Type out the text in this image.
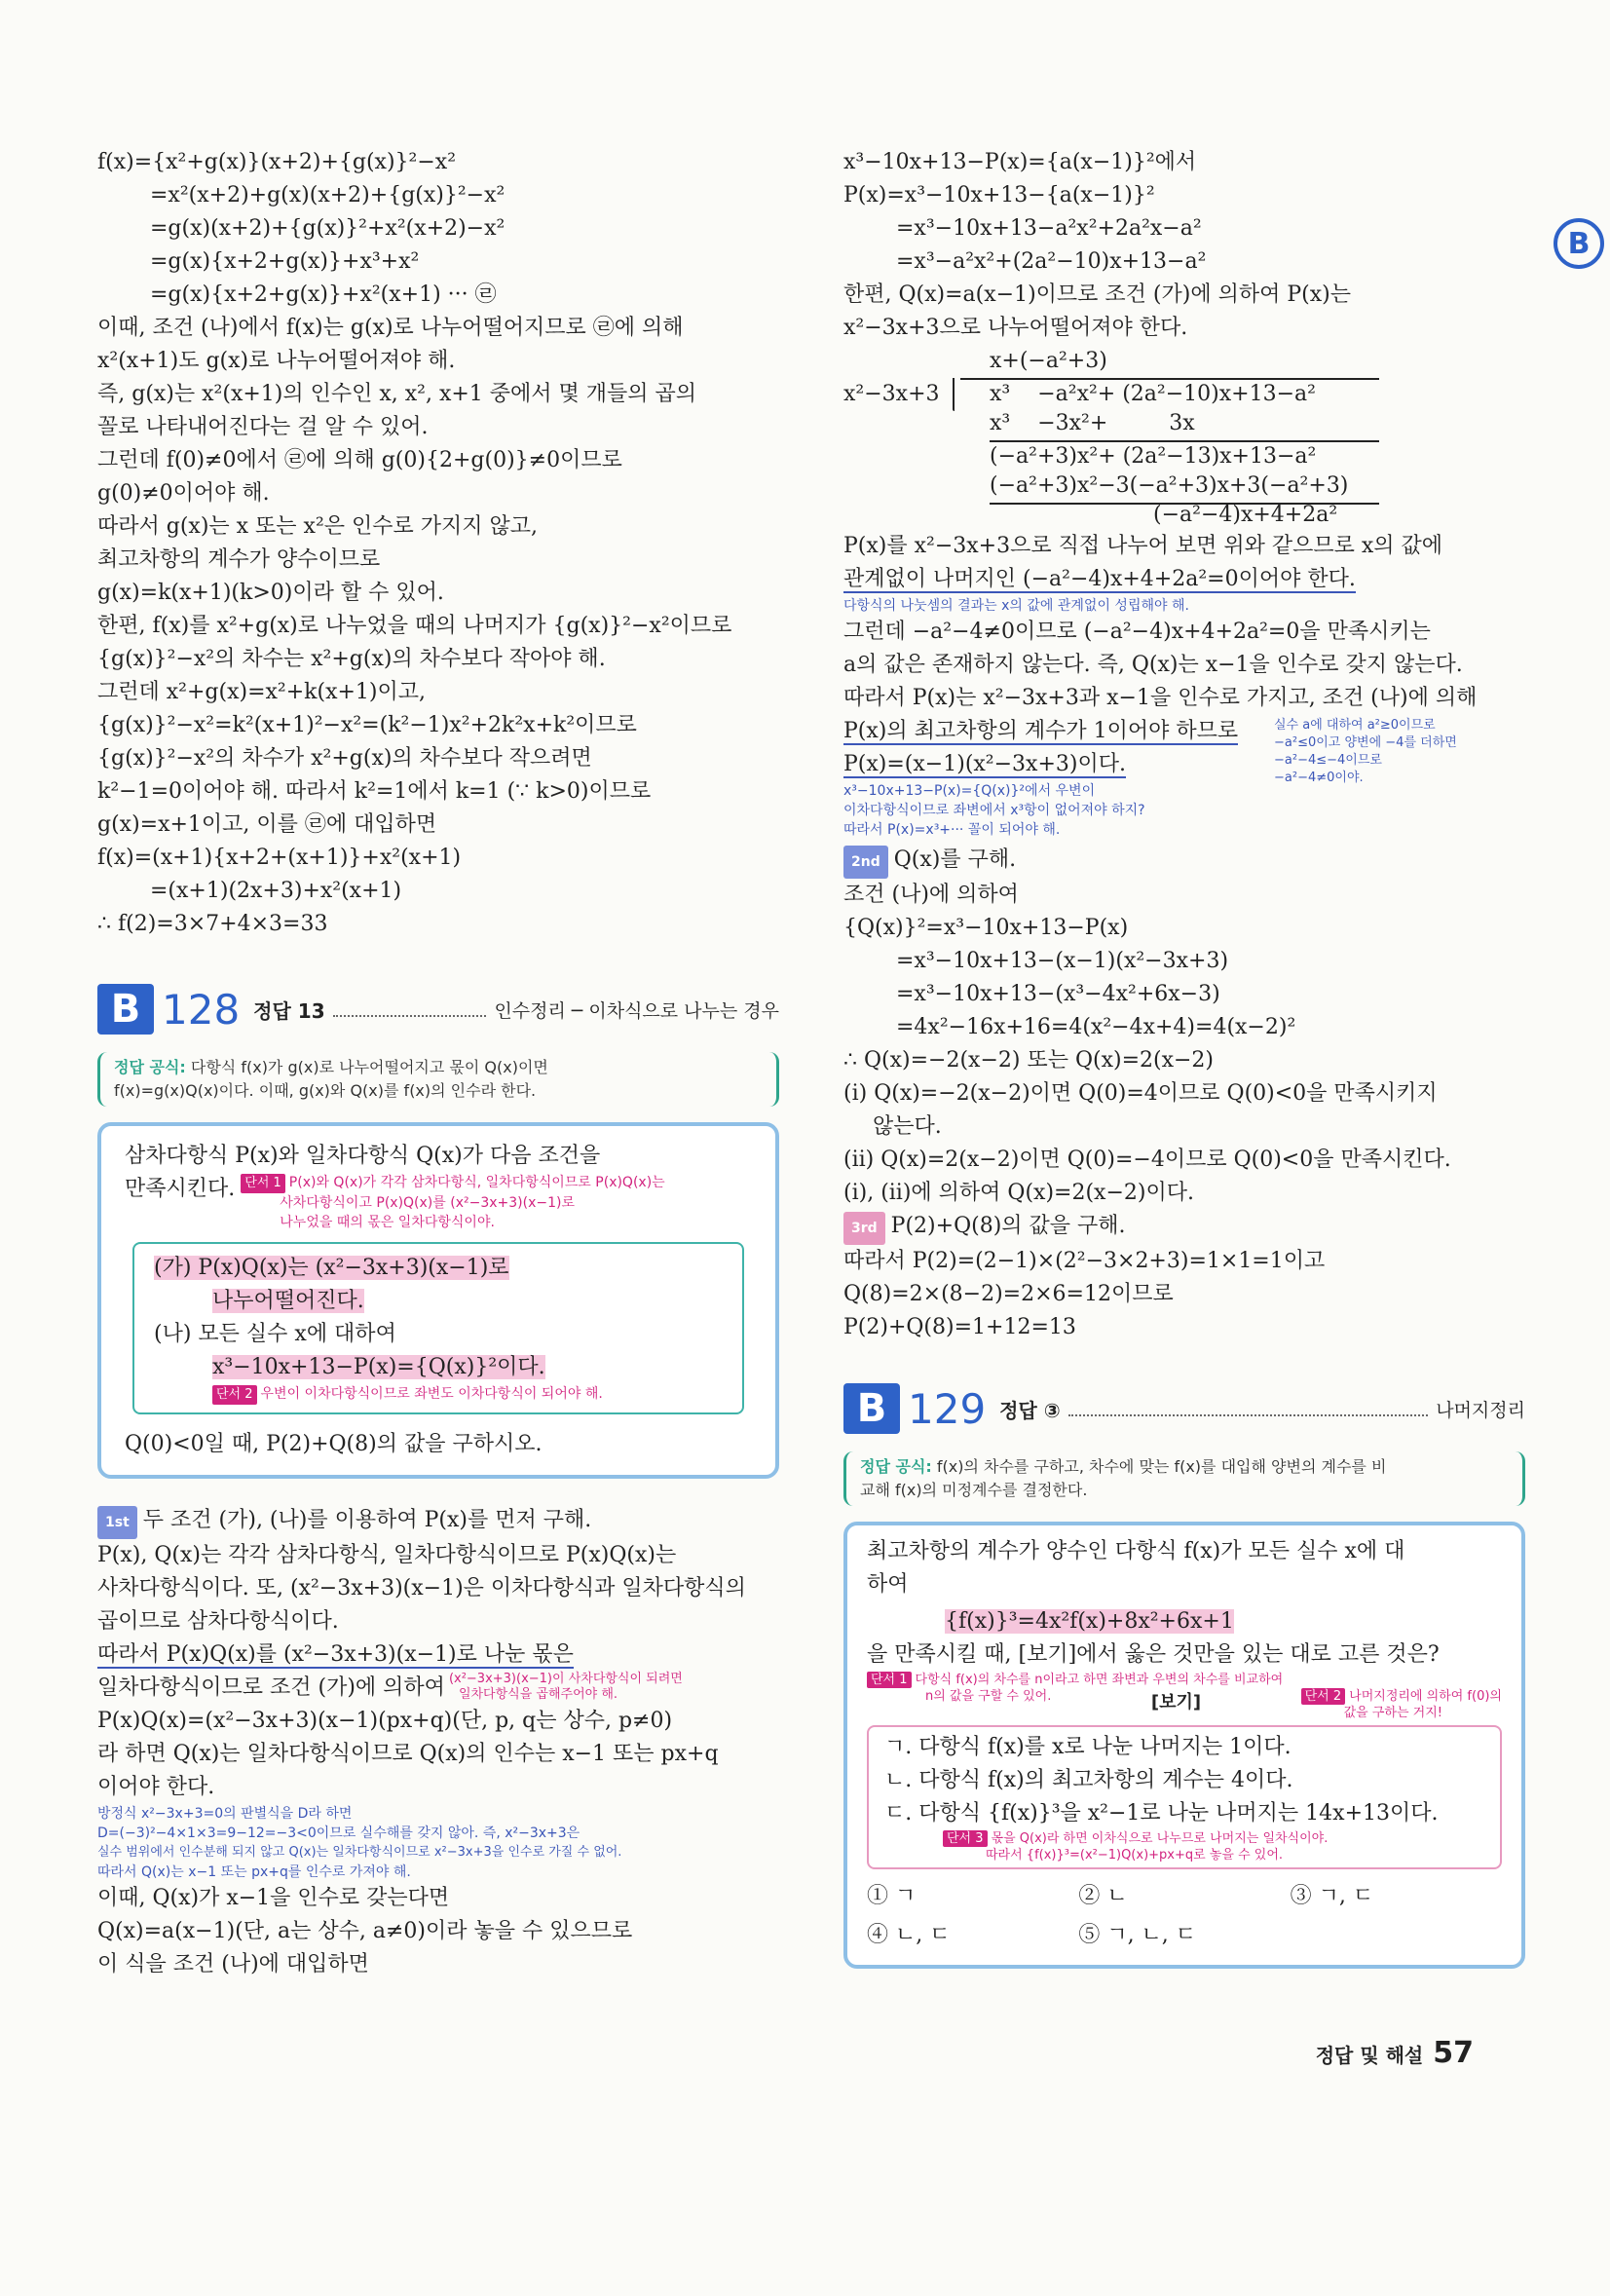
f(x)={x²+g(x)}(x+2)+{g(x)}²−x²
=x²(x+2)+g(x)(x+2)+{g(x)}²−x²
=g(x)(x+2)+{g(x)}²+x²(x+2)−x²
=g(x){x+2+g(x)}+x³+x²
=g(x){x+2+g(x)}+x²(x+1) ··· ㉣
이때, 조건 (나)에서 f(x)는 g(x)로 나누어떨어지므로 ㉣에 의해
x²(x+1)도 g(x)로 나누어떨어져야 해.
즉, g(x)는 x²(x+1)의 인수인 x, x², x+1 중에서 몇 개들의 곱의
꼴로 나타내어진다는 걸 알 수 있어.
그런데 f(0)≠0에서 ㉣에 의해 g(0){2+g(0)}≠0이므로
g(0)≠0이어야 해.
따라서 g(x)는 x 또는 x²은 인수로 가지지 않고,
최고차항의 계수가 양수이므로
g(x)=k(x+1)(k>0)이라 할 수 있어.
한편, f(x)를 x²+g(x)로 나누었을 때의 나머지가 {g(x)}²−x²이므로
{g(x)}²−x²의 차수는 x²+g(x)의 차수보다 작아야 해.
그런데 x²+g(x)=x²+k(x+1)이고,
{g(x)}²−x²=k²(x+1)²−x²=(k²−1)x²+2k²x+k²이므로
{g(x)}²−x²의 차수가 x²+g(x)의 차수보다 작으려면
k²−1=0이어야 해. 따라서 k²=1에서 k=1 (∵ k>0)이므로
g(x)=x+1이고, 이를 ㉣에 대입하면
f(x)=(x+1){x+2+(x+1)}+x²(x+1)
=(x+1)(2x+3)+x²(x+1)
∴ f(2)=3×7+4×3=33
B 128 정답 13	인수정리 ─ 이차식으로 나누는 경우
정답 공식: 다항식 f(x)가 g(x)로 나누어떨어지고 몫이 Q(x)이면
f(x)=g(x)Q(x)이다. 이때, g(x)와 Q(x)를 f(x)의 인수라 한다.
삼차다항식 P(x)와 일차다항식 Q(x)가 다음 조건을
만족시킨다. 단서 1 P(x)와 Q(x)가 각각 삼차다항식, 일차다항식이므로 P(x)Q(x)는
사차다항식이고 P(x)Q(x)를 (x²−3x+3)(x−1)로
나누었을 때의 몫은 일차다항식이야.
(가) P(x)Q(x)는 (x²−3x+3)(x−1)로
나누어떨어진다.
(나) 모든 실수 x에 대하여
x³−10x+13−P(x)={Q(x)}²이다.
단서 2 우변이 이차다항식이므로 좌변도 이차다항식이 되어야 해.
Q(0)<0일 때, P(2)+Q(8)의 값을 구하시오.
1st 두 조건 (가), (나)를 이용하여 P(x)를 먼저 구해.
P(x), Q(x)는 각각 삼차다항식, 일차다항식이므로 P(x)Q(x)는
사차다항식이다. 또, (x²−3x+3)(x−1)은 이차다항식과 일차다항식의
곱이므로 삼차다항식이다.
따라서 P(x)Q(x)를 (x²−3x+3)(x−1)로 나눈 몫은
일차다항식이므로 조건 (가)에 의하여 (x²−3x+3)(x−1)이 사차다항식이 되려면
일차다항식을 곱해주어야 해.
P(x)Q(x)=(x²−3x+3)(x−1)(px+q)(단, p, q는 상수, p≠0)
라 하면 Q(x)는 일차다항식이므로 Q(x)의 인수는 x−1 또는 px+q
이어야 한다.
방정식 x²−3x+3=0의 판별식을 D라 하면
D=(−3)²−4×1×3=9−12=−3<0이므로 실수해를 갖지 않아. 즉, x²−3x+3은
실수 범위에서 인수분해 되지 않고 Q(x)는 일차다항식이므로 x²−3x+3을 인수로 가질 수 없어.
따라서 Q(x)는 x−1 또는 px+q를 인수로 가져야 해.
이때, Q(x)가 x−1을 인수로 갖는다면
Q(x)=a(x−1)(단, a는 상수, a≠0)이라 놓을 수 있으므로
이 식을 조건 (나)에 대입하면
x³−10x+13−P(x)={a(x−1)}²에서
P(x)=x³−10x+13−{a(x−1)}²
=x³−10x+13−a²x²+2a²x−a²
=x³−a²x²+(2a²−10)x+13−a²
한편, Q(x)=a(x−1)이므로 조건 (가)에 의하여 P(x)는
x²−3x+3으로 나누어떨어져야 한다.
x+(−a²+3)
x²−3x+3 x³    −a²x²+ (2a²−10)x+13−a²
x³    −3x²+         3x
(−a²+3)x²+ (2a²−13)x+13−a²
(−a²+3)x²−3(−a²+3)x+3(−a²+3)
(−a²−4)x+4+2a²
P(x)를 x²−3x+3으로 직접 나누어 보면 위와 같으므로 x의 값에
관계없이 나머지인 (−a²−4)x+4+2a²=0이어야 한다.
다항식의 나눗셈의 결과는 x의 값에 관계없이 성립해야 해.
그런데 −a²−4≠0이므로 (−a²−4)x+4+2a²=0을 만족시키는
a의 값은 존재하지 않는다. 즉, Q(x)는 x−1을 인수로 갖지 않는다.
따라서 P(x)는 x²−3x+3과 x−1을 인수로 가지고, 조건 (나)에 의해
P(x)의 최고차항의 계수가 1이어야 하므로
P(x)=(x−1)(x²−3x+3)이다.
실수 a에 대하여 a²≥0이므로
−a²≤0이고 양변에 −4를 더하면
−a²−4≤−4이므로
−a²−4≠0이야.
x³−10x+13−P(x)={Q(x)}²에서 우변이
이차다항식이므로 좌변에서 x³항이 없어져야 하지?
따라서 P(x)=x³+··· 꼴이 되어야 해.
2nd Q(x)를 구해.
조건 (나)에 의하여
{Q(x)}²=x³−10x+13−P(x)
=x³−10x+13−(x−1)(x²−3x+3)
=x³−10x+13−(x³−4x²+6x−3)
=4x²−16x+16=4(x²−4x+4)=4(x−2)²
∴ Q(x)=−2(x−2) 또는 Q(x)=2(x−2)
(ⅰ) Q(x)=−2(x−2)이면 Q(0)=4이므로 Q(0)<0을 만족시키지
않는다.
(ⅱ) Q(x)=2(x−2)이면 Q(0)=−4이므로 Q(0)<0을 만족시킨다.
(ⅰ), (ⅱ)에 의하여 Q(x)=2(x−2)이다.
3rd P(2)+Q(8)의 값을 구해.
따라서 P(2)=(2−1)×(2²−3×2+3)=1×1=1이고
Q(8)=2×(8−2)=2×6=12이므로
P(2)+Q(8)=1+12=13
B 129 정답 ③	나머지정리
정답 공식: f(x)의 차수를 구하고, 차수에 맞는 f(x)를 대입해 양변의 계수를 비
교해 f(x)의 미정계수를 결정한다.
최고차항의 계수가 양수인 다항식 f(x)가 모든 실수 x에 대
하여
{f(x)}³=4x²f(x)+8x²+6x+1
을 만족시킬 때, [보기]에서 옳은 것만을 있는 대로 고른 것은?
단서 1 다항식 f(x)의 차수를 n이라고 하면 좌변과 우변의 차수를 비교하여
n의 값을 구할 수 있어.	[보기]	단서 2 나머지정리에 의하여 f(0)의
값을 구하는 거지!
ㄱ. 다항식 f(x)를 x로 나눈 나머지는 1이다.
ㄴ. 다항식 f(x)의 최고차항의 계수는 4이다.
ㄷ. 다항식 {f(x)}³을 x²−1로 나눈 나머지는 14x+13이다.
단서 3 몫을 Q(x)라 하면 이차식으로 나누므로 나머지는 일차식이야.
따라서 {f(x)}³=(x²−1)Q(x)+px+q로 놓을 수 있어.
① ㄱ	② ㄴ	③ ㄱ, ㄷ
④ ㄴ, ㄷ	⑤ ㄱ, ㄴ, ㄷ
B
정답 및 해설 57
